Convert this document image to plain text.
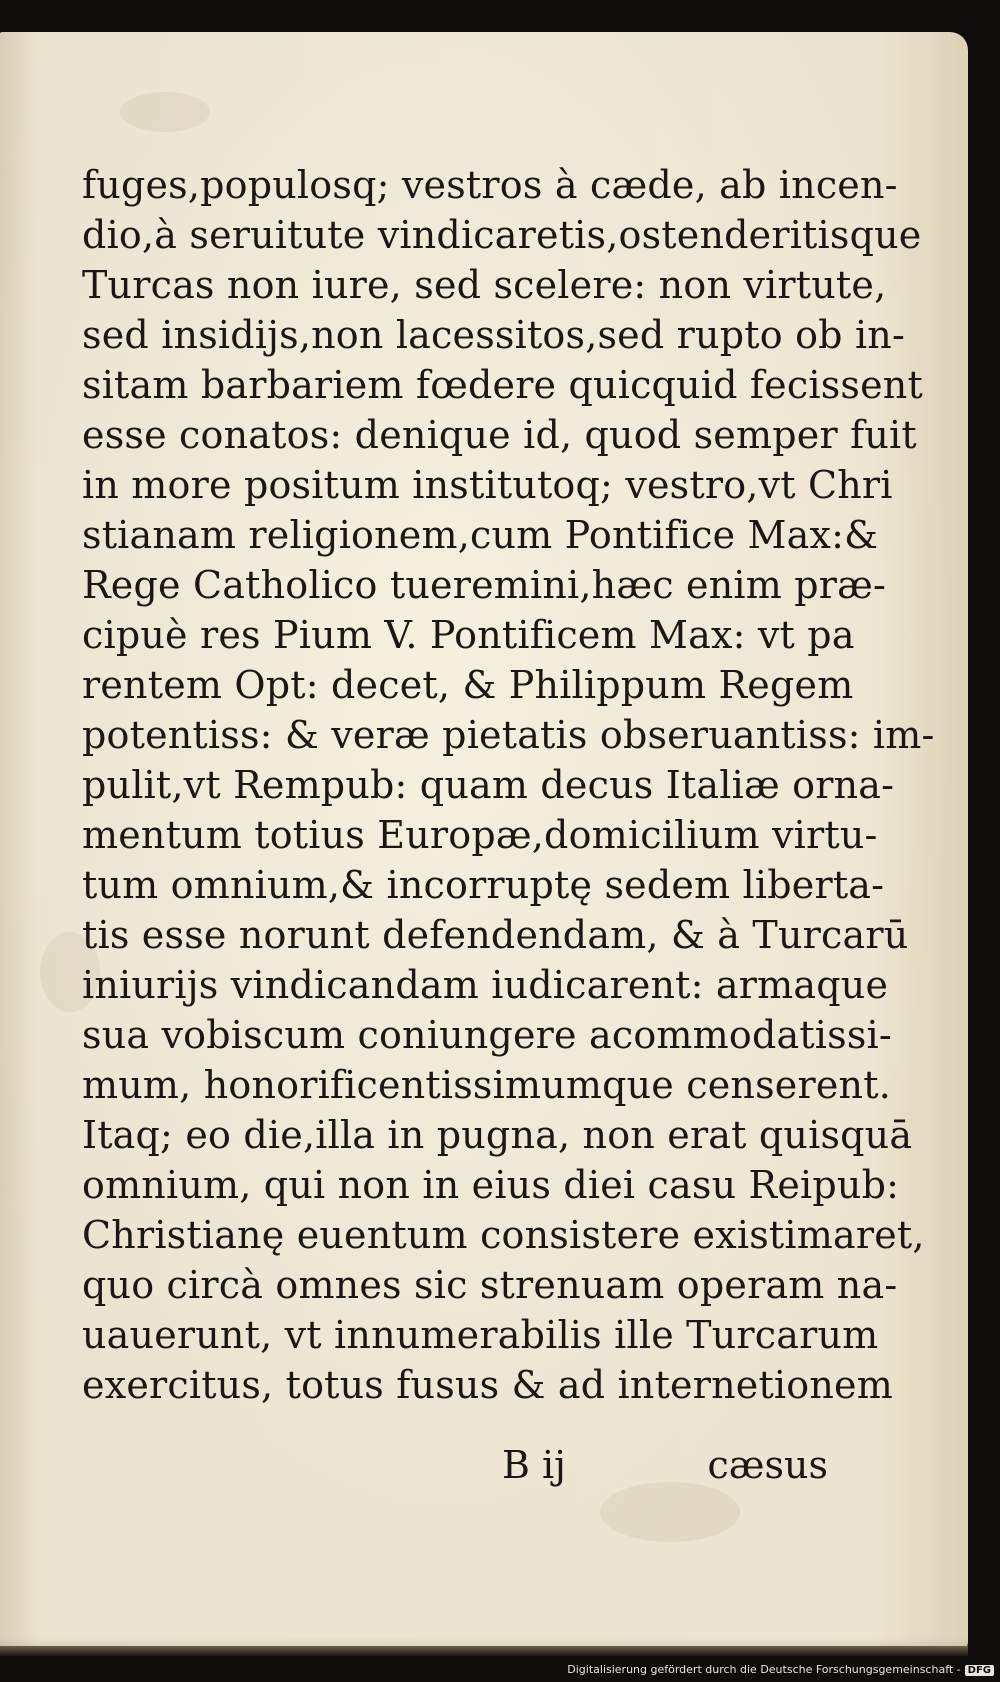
fuges,populosq; vestros à cæde, ab incen-
dio,à seruitute vindicaretis,ostenderitisque
Turcas non iure, sed scelere: non virtute,
sed insidijs,non lacessitos,sed rupto ob in-
sitam barbariem fœdere quicquid fecissent
esse conatos: denique id, quod semper fuit
in more positum institutoq; vestro,vt Chri
stianam religionem,cum Pontifice Max:&
Rege Catholico tueremini,hæc enim præ-
cipuè res Pium V. Pontificem Max: vt pa
rentem Opt: decet, & Philippum Regem
potentiss: & veræ pietatis obseruantiss: im-
pulit,vt Rempub: quam decus Italiæ orna-
mentum totius Europæ,domicilium virtu-
tum omnium,& incorruptę sedem liberta-
tis esse norunt defendendam, & à Turcarū
iniurijs vindicandam iudicarent: armaque
sua vobiscum coniungere acommodatissi-
mum, honorificentissimumque censerent.
Itaq; eo die,illa in pugna, non erat quisquā
omnium, qui non in eius diei casu Reipub:
Christianę euentum consistere existimaret,
quo circà omnes sic strenuam operam na-
uauerunt, vt innumerabilis ille Turcarum
exercitus, totus fusus & ad internetionem
B ij	cæsus
Digitalisierung gefördert durch die Deutsche Forschungsgemeinschaft - DFG
